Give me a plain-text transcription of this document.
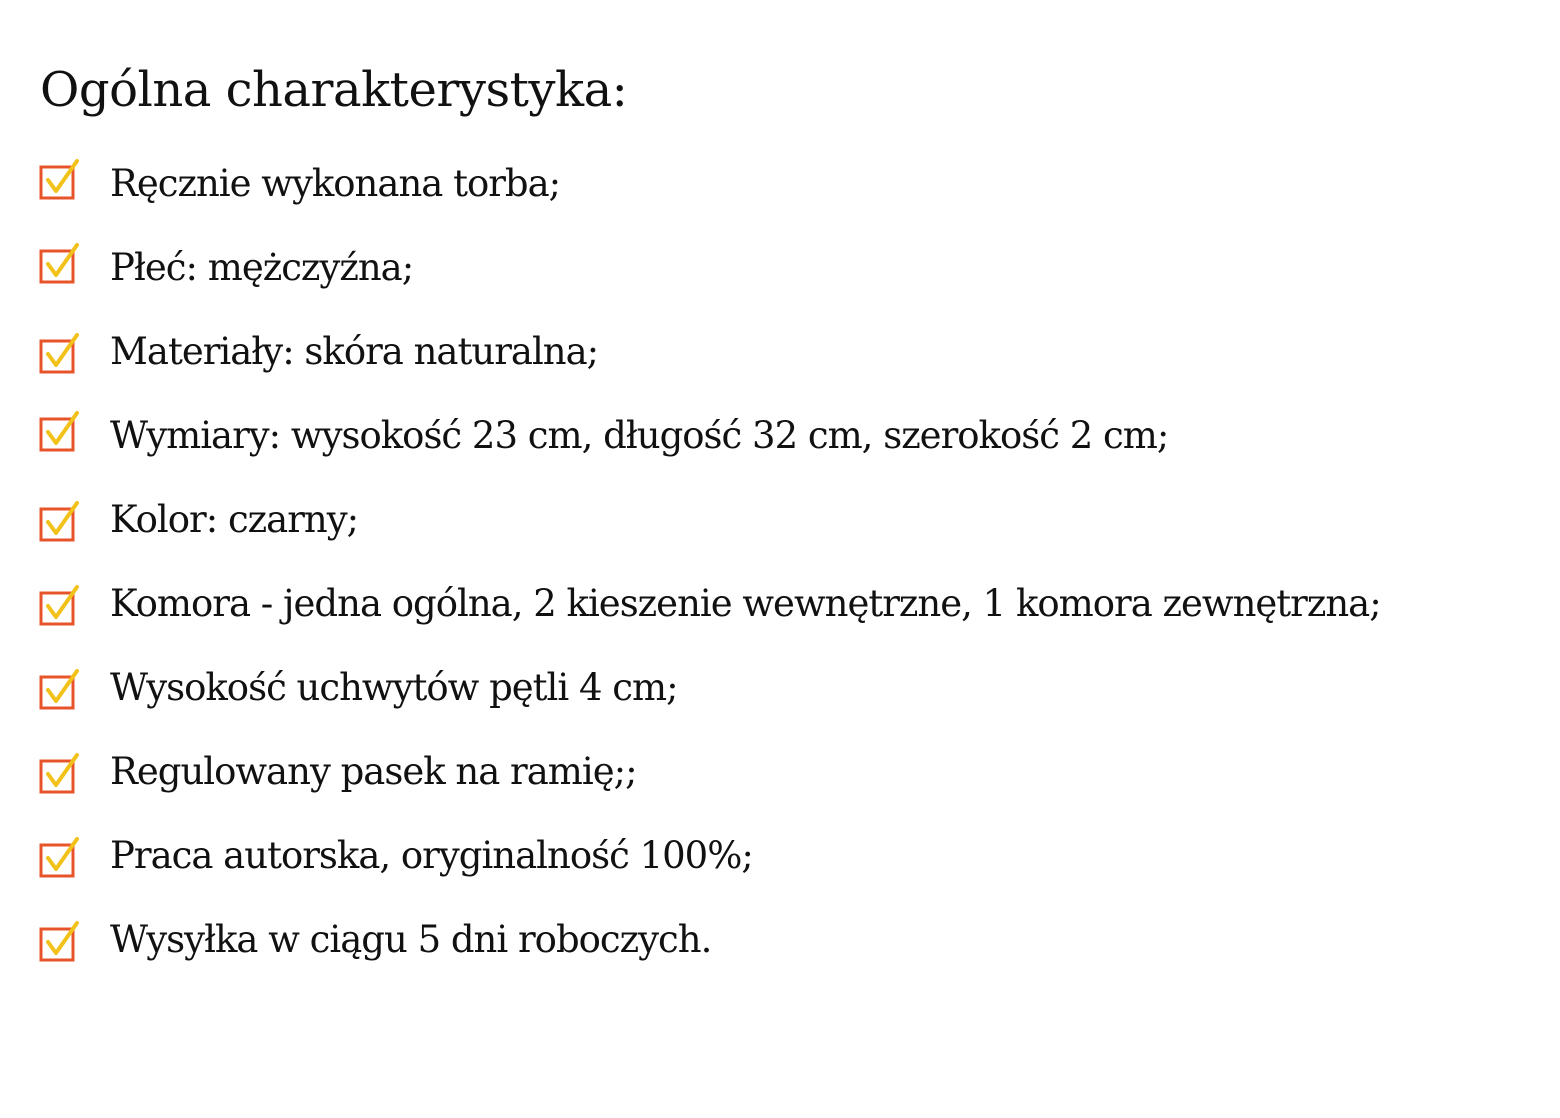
Ogólna charakterystyka:
Ręcznie wykonana torba;
Płeć: mężczyźna;
Materiały: skóra naturalna;
Wymiary: wysokość 23 cm, długość 32 cm, szerokość 2 cm;
Kolor: czarny;
Komora - jedna ogólna, 2 kieszenie wewnętrzne, 1 komora zewnętrzna;
Wysokość uchwytów pętli 4 cm;
Regulowany pasek na ramię;;
Praca autorska, oryginalność 100%;
Wysyłka w ciągu 5 dni roboczych.
